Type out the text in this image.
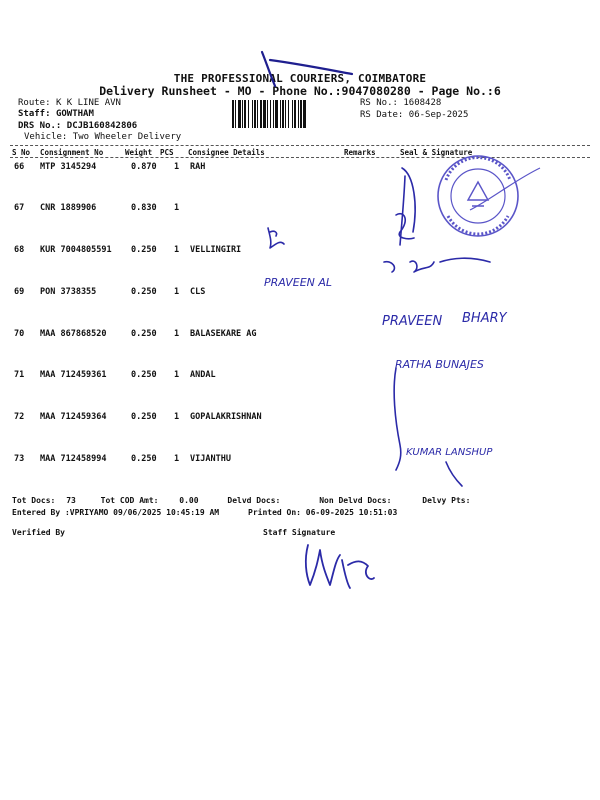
THE PROFESSIONAL COURIERS, COIMBATORE
Delivery Runsheet - MO - Phone No.:9047080280 - Page No.:6
Route: K K LINE AVN
Staff: GOWTHAM
DRS No.: DCJB160842806
Vehicle: Two Wheeler Delivery
RS No.: 1608428
RS Date: 06-Sep-2025
S No Consignment No	Weight PCS Consignee Details	Remarks	Seal & Signature
66 MTP 3145294	0.870 1 RAH
67 CNR 1889906	0.830 1
68 KUR 7004805591 0.250 1 VELLINGIRI
69 PON 3738355	0.250 1 CLS
70 MAA 867868520	0.250 1 BALASEKARE AG
71 MAA 712459361	0.250 1 ANDAL
72 MAA 712459364	0.250 1 GOPALAKRISHNAN
73 MAA 712458994	0.250 1 VIJANTHU
Tot Docs: 73	Tot COD Amt:	0.00	Delvd Docs:	Non Delvd Docs:	Delvy Pts:
Entered By :VPRIYAMO 09/06/2025 10:45:19 AM	Printed On: 06-09-2025 10:51:03
Verified By	Staff Signature
PRAVEEN AL
PRAVEEN BHARY
RATHA BUNAJES
KUMAR LANSHUP
